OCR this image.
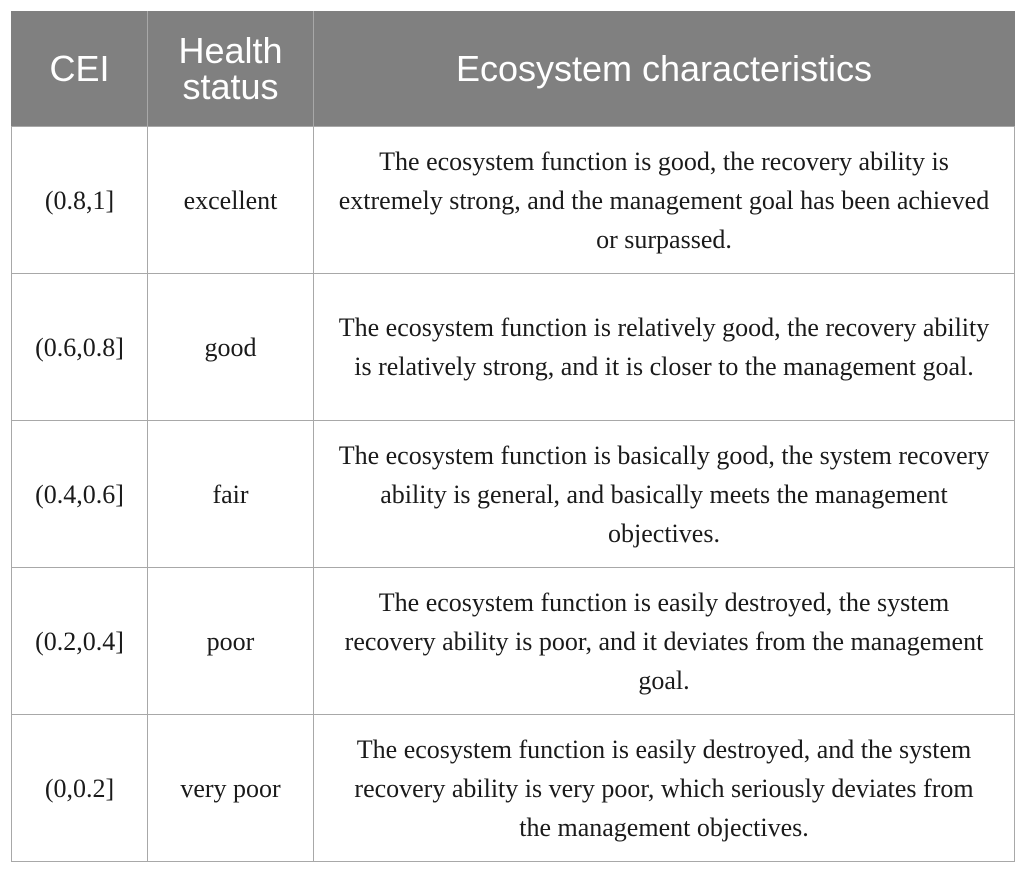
CEI	Health status	Ecosystem characteristics
(0.8,1]	excellent	The ecosystem function is good, the recovery ability is extremely strong, and the management goal has been achieved or surpassed.
(0.6,0.8]	good	The ecosystem function is relatively good, the recovery ability is relatively strong, and it is closer to the management goal.
(0.4,0.6]	fair	The ecosystem function is basically good, the system recovery ability is general, and basically meets the management objectives.
(0.2,0.4]	poor	The ecosystem function is easily destroyed, the system recovery ability is poor, and it deviates from the management goal.
(0,0.2]	very poor	The ecosystem function is easily destroyed, and the system recovery ability is very poor, which seriously deviates from the management objectives.
